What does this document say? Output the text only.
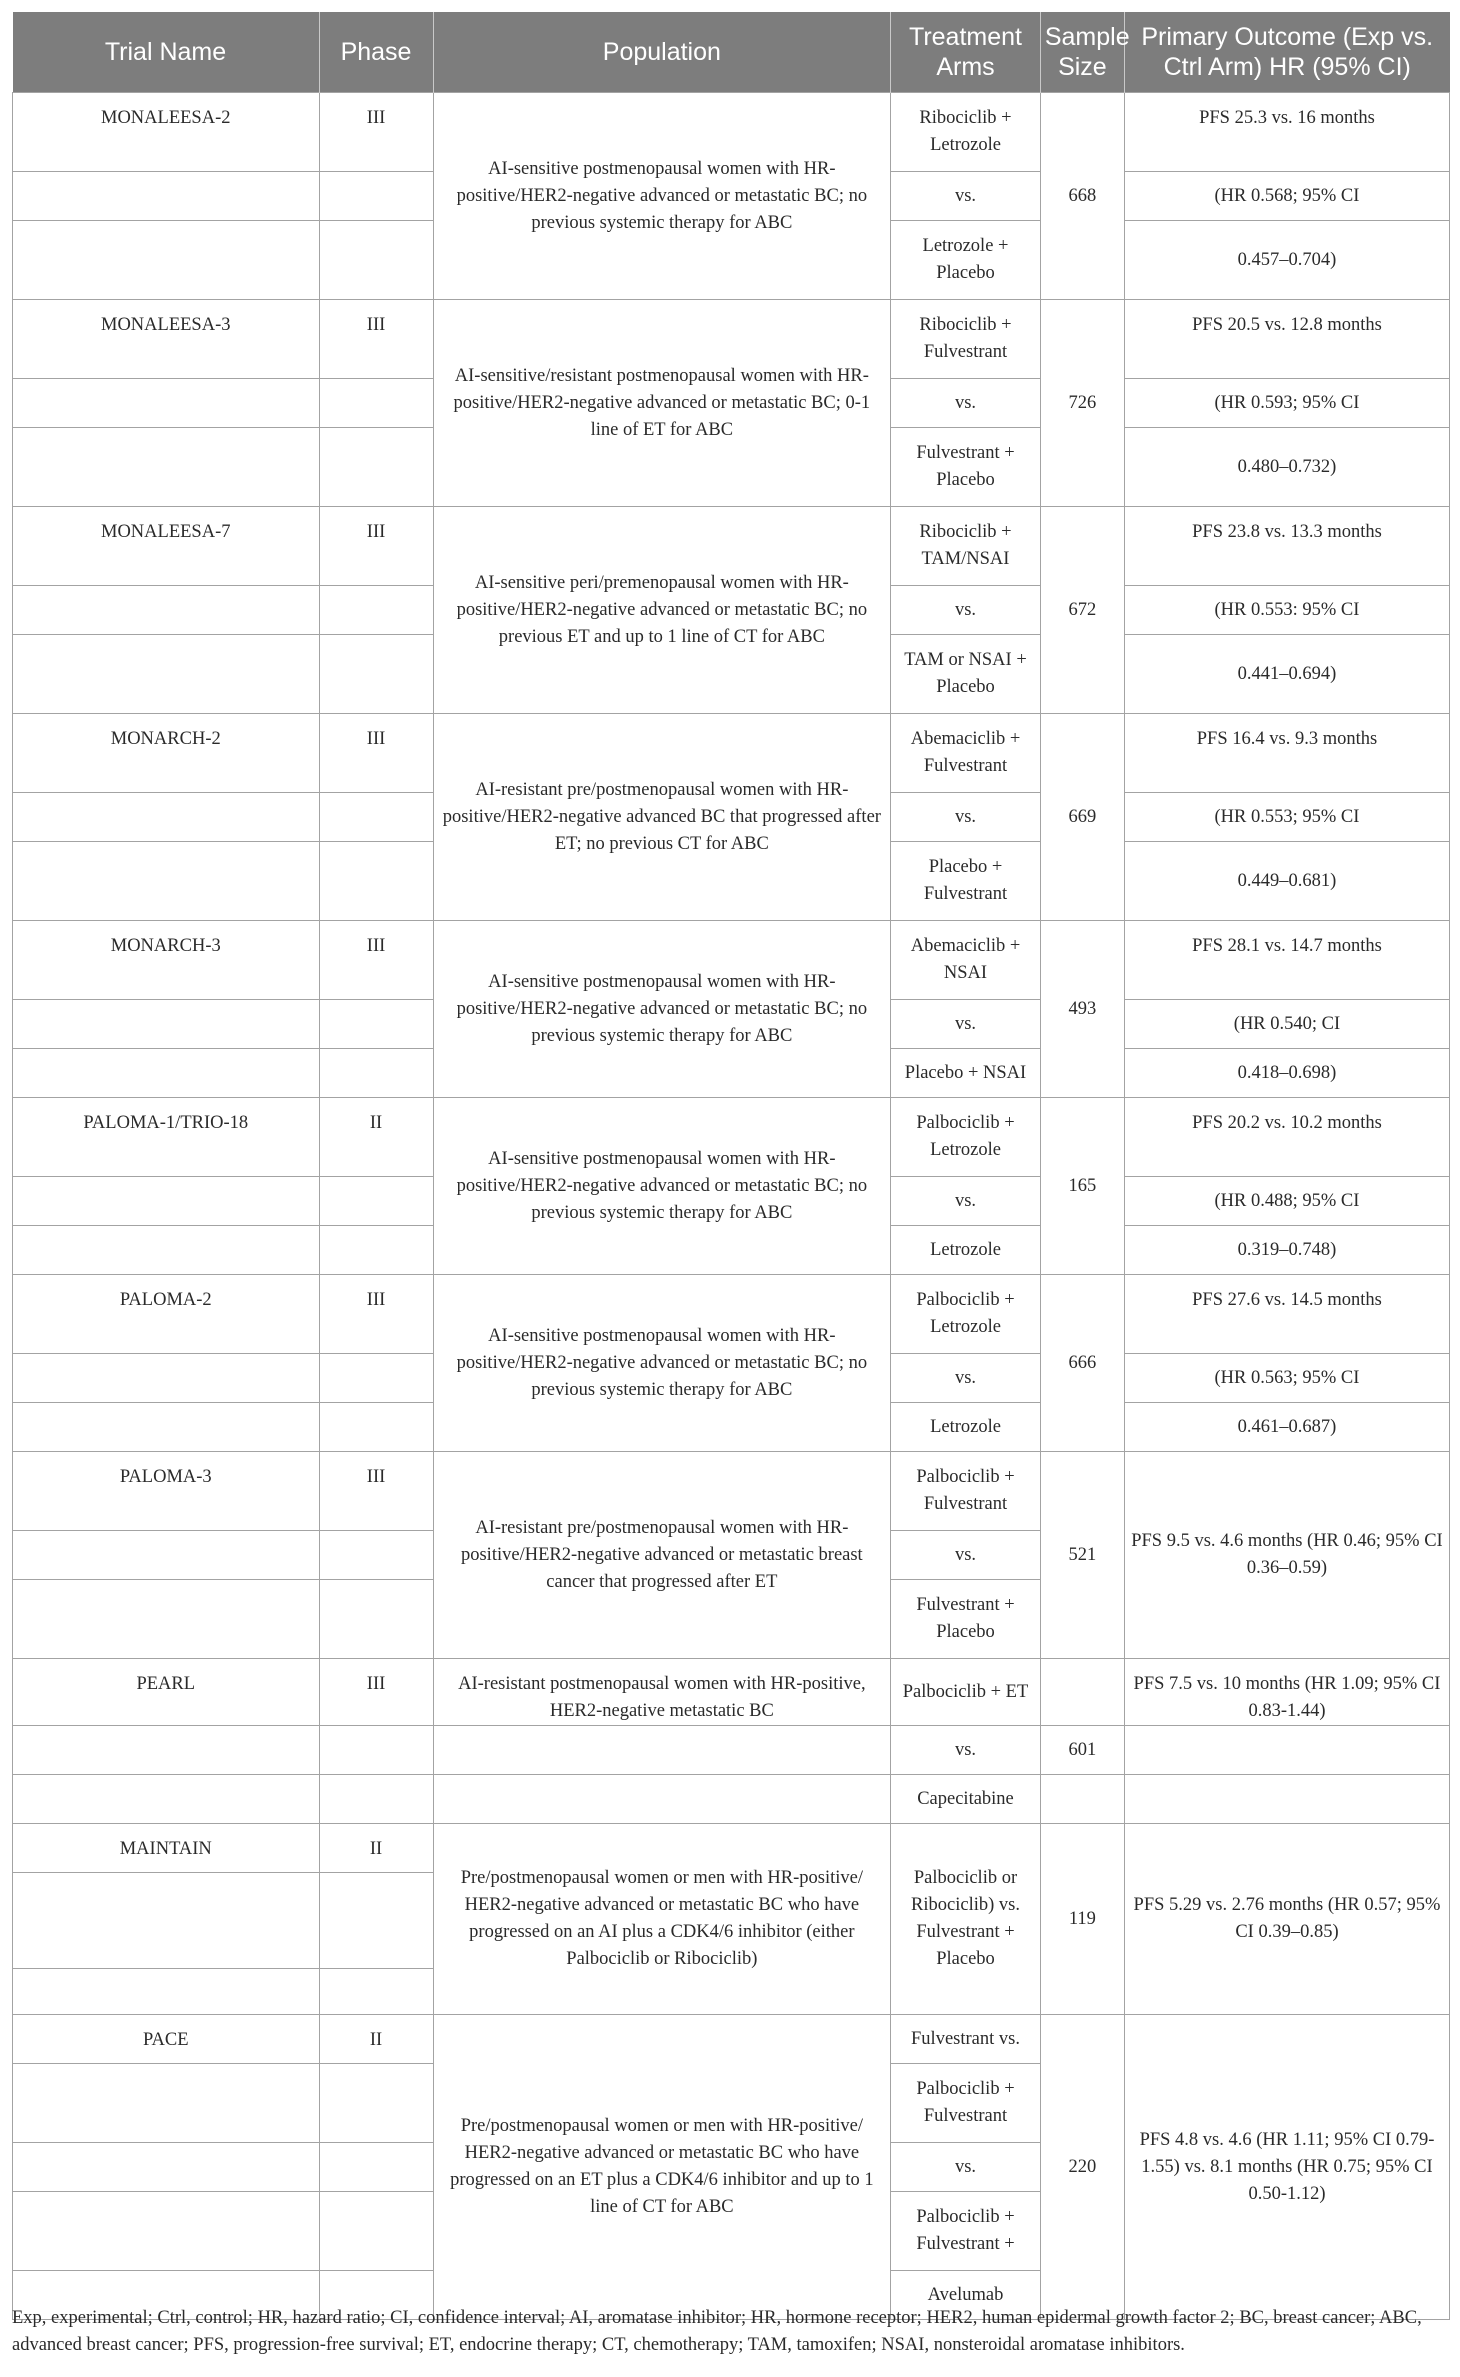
Trial Name	Phase	Population	Treatment Arms	Sample Size	Primary Outcome (Exp vs. Ctrl Arm) HR (95% CI)
MONALEESA-2	III	AI-sensitive postmenopausal women with HR-positive/HER2-negative advanced or metastatic BC; no previous systemic therapy for ABC	Ribociclib + Letrozole	668	PFS 25.3 vs. 16 months
			vs.		(HR 0.568; 95% CI
			Letrozole + Placebo		0.457–0.704)
MONALEESA-3	III	AI-sensitive/resistant postmenopausal women with HR-positive/HER2-negative advanced or metastatic BC; 0-1 line of ET for ABC	Ribociclib + Fulvestrant	726	PFS 20.5 vs. 12.8 months
			vs.		(HR 0.593; 95% CI
			Fulvestrant + Placebo		0.480–0.732)
MONALEESA-7	III	AI-sensitive peri/premenopausal women with HR-positive/HER2-negative advanced or metastatic BC; no previous ET and up to 1 line of CT for ABC	Ribociclib + TAM/NSAI	672	PFS 23.8 vs. 13.3 months
			vs.		(HR 0.553: 95% CI
			TAM or NSAI + Placebo		0.441–0.694)
MONARCH-2	III	AI-resistant pre/postmenopausal women with HR-positive/HER2-negative advanced BC that progressed after ET; no previous CT for ABC	Abemaciclib + Fulvestrant	669	PFS 16.4 vs. 9.3 months
			vs.		(HR 0.553; 95% CI
			Placebo + Fulvestrant		0.449–0.681)
MONARCH-3	III	AI-sensitive postmenopausal women with HR-positive/HER2-negative advanced or metastatic BC; no previous systemic therapy for ABC	Abemaciclib + NSAI	493	PFS 28.1 vs. 14.7 months
			vs.		(HR 0.540; CI
			Placebo + NSAI		0.418–0.698)
PALOMA-1/TRIO-18	II	AI-sensitive postmenopausal women with HR-positive/HER2-negative advanced or metastatic BC; no previous systemic therapy for ABC	Palbociclib + Letrozole	165	PFS 20.2 vs. 10.2 months
			vs.		(HR 0.488; 95% CI
			Letrozole		0.319–0.748)
PALOMA-2	III	AI-sensitive postmenopausal women with HR-positive/HER2-negative advanced or metastatic BC; no previous systemic therapy for ABC	Palbociclib + Letrozole	666	PFS 27.6 vs. 14.5 months
			vs.		(HR 0.563; 95% CI
			Letrozole		0.461–0.687)
PALOMA-3	III	AI-resistant pre/postmenopausal women with HR-positive/HER2-negative advanced or metastatic breast cancer that progressed after ET	Palbociclib + Fulvestrant	521	PFS 9.5 vs. 4.6 months (HR 0.46; 95% CI 0.36–0.59)
			vs.		
			Fulvestrant + Placebo		
PEARL	III	AI-resistant postmenopausal women with HR-positive, HER2-negative metastatic BC	Palbociclib + ET		PFS 7.5 vs. 10 months (HR 1.09; 95% CI 0.83-1.44)
			vs.	601	
			Capecitabine		
MAINTAIN	II	Pre/postmenopausal women or men with HR-positive/ HER2-negative advanced or metastatic BC who have progressed on an AI plus a CDK4/6 inhibitor (either Palbociclib or Ribociclib)	Palbociclib or Ribociclib) vs. Fulvestrant + Placebo	119	PFS 5.29 vs. 2.76 months (HR 0.57; 95% CI 0.39–0.85)

PACE	II	Pre/postmenopausal women or men with HR-positive/ HER2-negative advanced or metastatic BC who have progressed on an ET plus a CDK4/6 inhibitor and up to 1 line of CT for ABC	Fulvestrant vs.	220	PFS 4.8 vs. 4.6 (HR 1.11; 95% CI 0.79-1.55) vs. 8.1 months (HR 0.75; 95% CI 0.50-1.12)
			Palbociclib + Fulvestrant		
			vs.		
			Palbociclib + Fulvestrant +		
			Avelumab		
Exp, experimental; Ctrl, control; HR, hazard ratio; CI, confidence interval; AI, aromatase inhibitor; HR, hormone receptor; HER2, human epidermal growth factor 2; BC, breast cancer; ABC, advanced breast cancer; PFS, progression-free survival; ET, endocrine therapy; CT, chemotherapy; TAM, tamoxifen; NSAI, nonsteroidal aromatase inhibitors.
